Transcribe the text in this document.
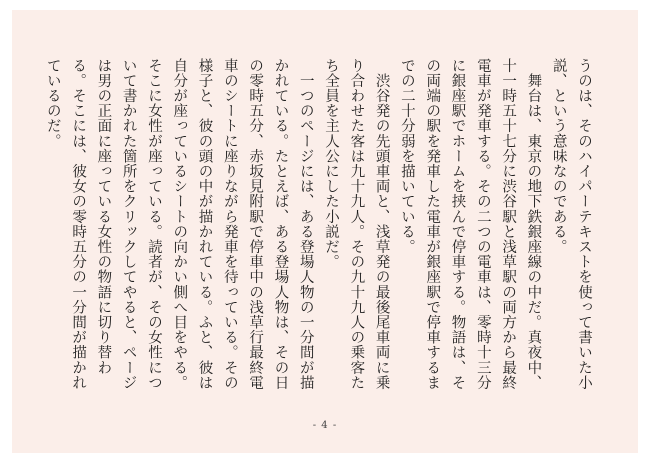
うのは、そのハイパーテキストを使って書いた小
説、という意味なのである。
　舞台は、東京の地下鉄銀座線の中だ。真夜中、
十一時五十七分に渋谷駅と浅草駅の両方から最終
電車が発車する。その二つの電車は、零時十三分
に銀座駅でホームを挟んで停車する。物語は、そ
の両端の駅を発車した電車が銀座駅で停車するま
での二十分弱を描いている。
　渋谷発の先頭車両と、浅草発の最後尾車両に乗
り合わせた客は九十九人。その九十九人の乗客た
ち全員を主人公にした小説だ。
　一つのページには、ある登場人物の一分間が描
かれている。たとえば、ある登場人物は、その日
の零時五分、赤坂見附駅で停車中の浅草行最終電
車のシートに座りながら発車を待っている。その
様子と、彼の頭の中が描かれている。ふと、彼は
自分が座っているシートの向かい側へ目をやる。
そこに女性が座っている。読者が、その女性につ
いて書かれた箇所をクリックしてやると、ページ
は男の正面に座っている女性の物語に切り替わ
る。そこには、彼女の零時五分の一分間が描かれ
ているのだ。
- 4 -
